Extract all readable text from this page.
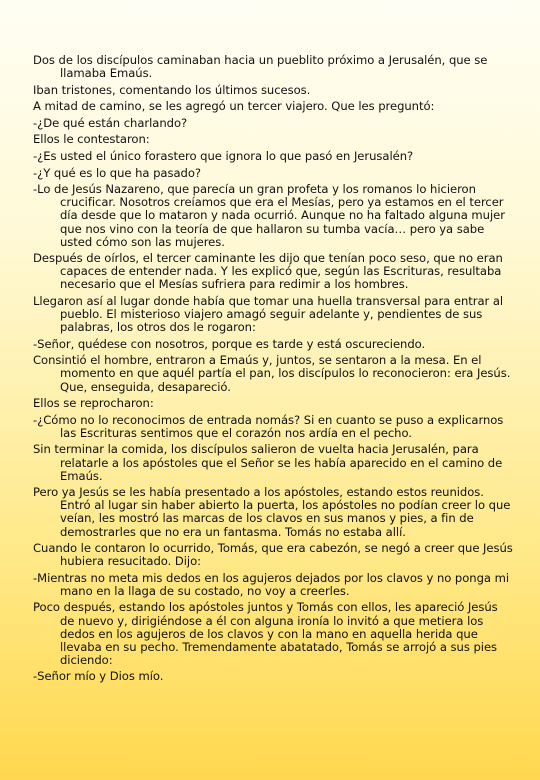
Dos de los discípulos caminaban hacia un pueblito próximo a Jerusalén, que se llamaba Emaús.

Iban tristones, comentando los últimos sucesos.

A mitad de camino, se les agregó un tercer viajero. Que les preguntó:

-¿De qué están charlando?

Ellos le contestaron:

-¿Es usted el único forastero que ignora lo que pasó en Jerusalén?

-¿Y qué es lo que ha pasado?

-Lo de Jesús Nazareno, que parecía un gran profeta y los romanos lo hicieron crucificar. Nosotros creíamos que era el Mesías, pero ya estamos en el tercer día desde que lo mataron y nada ocurrió. Aunque no ha faltado alguna mujer que nos vino con la teoría de que hallaron su tumba vacía… pero ya sabe usted cómo son las mujeres.

Después de oírlos, el tercer caminante les dijo que tenían poco seso, que no eran capaces de entender nada. Y les explicó que, según las Escrituras, resultaba necesario que el Mesías sufriera para redimir a los hombres.

Llegaron así al lugar donde había que tomar una huella transversal para entrar al pueblo. El misterioso viajero amagó seguir adelante y, pendientes de sus palabras, los otros dos le rogaron:

-Señor, quédese con nosotros, porque es tarde y está oscureciendo.

Consintió el hombre, entraron a Emaús y, juntos, se sentaron a la mesa. En el momento en que aquél partía el pan, los discípulos lo reconocieron: era Jesús. Que, enseguida, desapareció.

Ellos se reprocharon:

-¿Cómo no lo reconocimos de entrada nomás? Si en cuanto se puso a explicarnos las Escrituras sentimos que el corazón nos ardía en el pecho.

Sin terminar la comida, los discípulos salieron de vuelta hacia Jerusalén, para relatarle a los apóstoles que el Señor se les había aparecido en el camino de Emaús.

Pero ya Jesús se les había presentado a los apóstoles, estando estos reunidos. Entró al lugar sin haber abierto la puerta, los apóstoles no podían creer lo que veían, les mostró las marcas de los clavos en sus manos y pies, a fin de demostrarles que no era un fantasma. Tomás no estaba allí.

Cuando le contaron lo ocurrido, Tomás, que era cabezón, se negó a creer que Jesús hubiera resucitado. Dijo:

-Mientras no meta mis dedos en los agujeros dejados por los clavos y no ponga mi mano en la llaga de su costado, no voy a creerles.

Poco después, estando los apóstoles juntos y Tomás con ellos, les apareció Jesús de nuevo y, dirigiéndose a él con alguna ironía lo invitó a que metiera los dedos en los agujeros de los clavos y con la mano en aquella herida que llevaba en su pecho. Tremendamente abatatado, Tomás se arrojó a sus pies diciendo:

-Señor mío y Dios mío.
